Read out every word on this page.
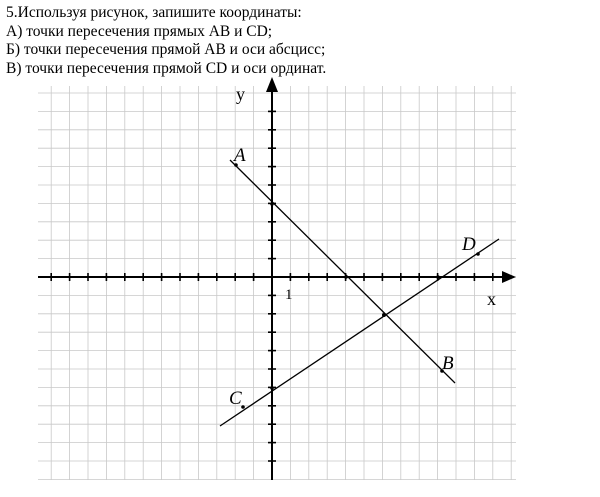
5.Используя рисунок, запишите координаты:
А) точки пересечения прямых AB и CD;
Б) точки пересечения прямой AB и оси абсцисс;
В) точки пересечения прямой CD и оси ординат.
y
x
1
A
B
C
D
